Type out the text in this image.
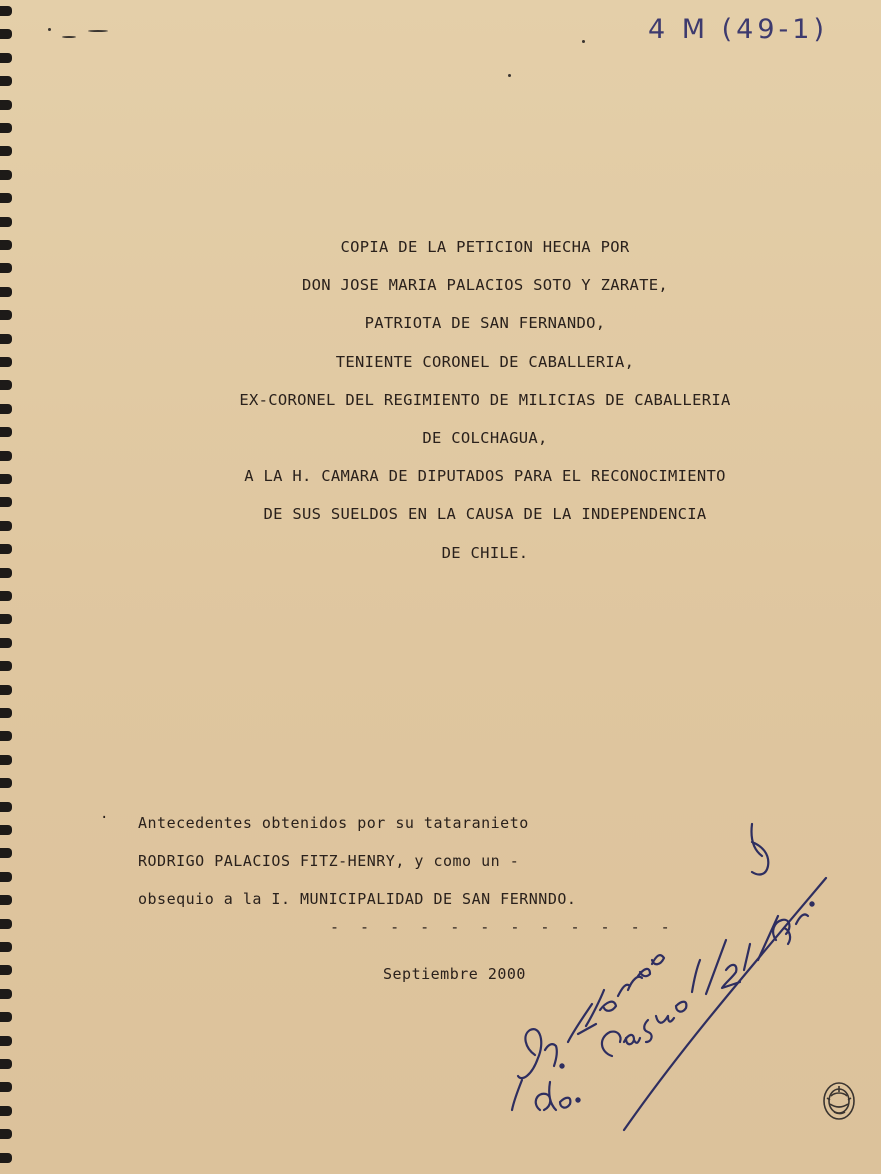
4 M (49-1)
COPIA DE LA PETICION HECHA POR
DON JOSE MARIA PALACIOS SOTO Y ZARATE,
PATRIOTA DE SAN FERNANDO,
TENIENTE CORONEL DE CABALLERIA,
EX-CORONEL DEL REGIMIENTO DE MILICIAS DE CABALLERIA
DE COLCHAGUA,
A LA H. CAMARA DE DIPUTADOS PARA EL RECONOCIMIENTO
DE SUS SUELDOS EN LA CAUSA DE LA INDEPENDENCIA
DE CHILE.
· Antecedentes obtenidos por su tataranieto
RODRIGO PALACIOS FITZ-HENRY, y como un -
obsequio a la I. MUNICIPALIDAD DE SAN FERNNDO.
- - - - - - - - - - - -
Septiembre 2000
